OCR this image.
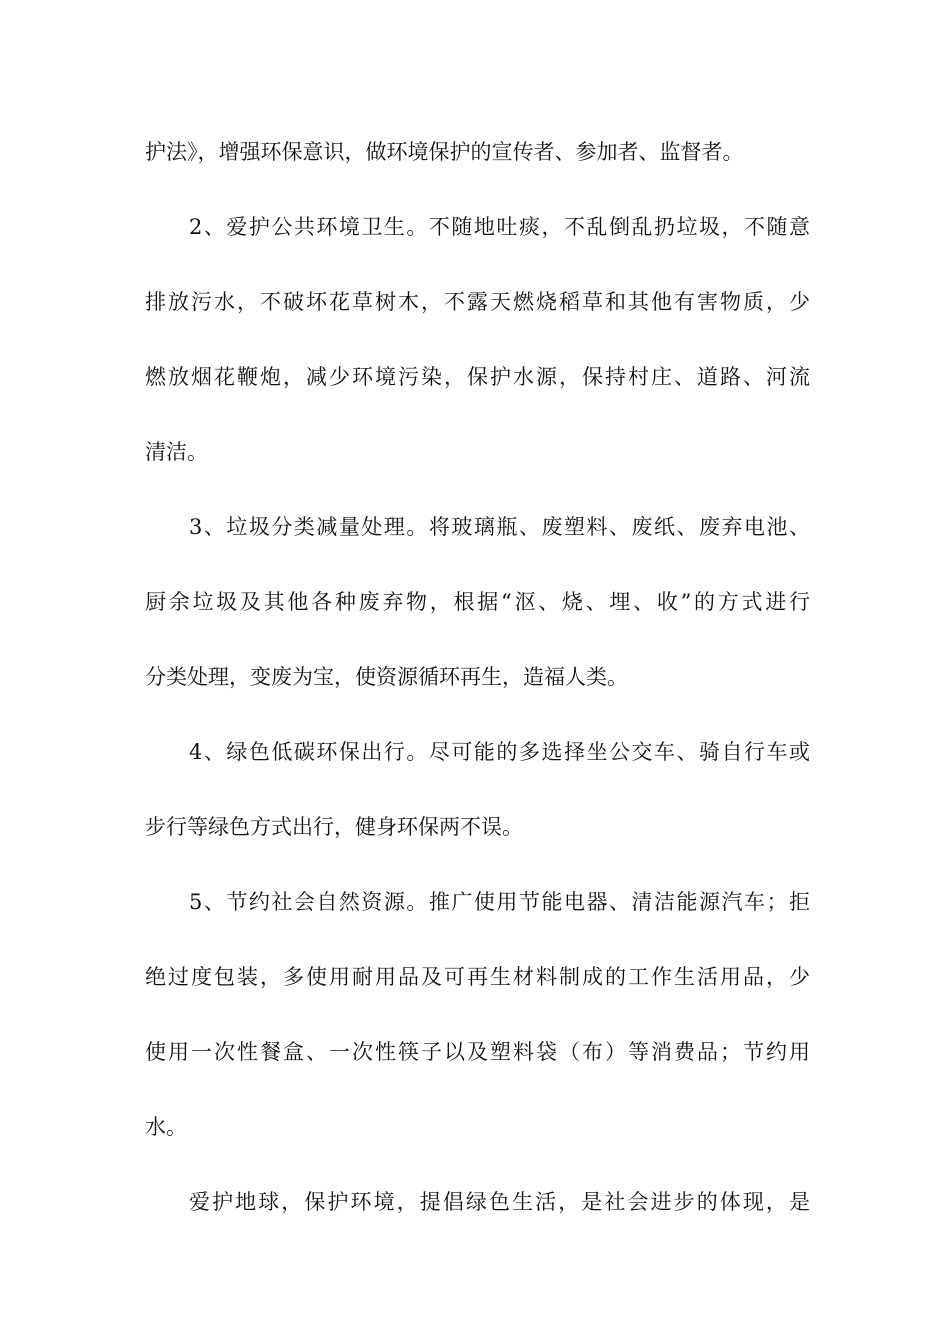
护法》，增强环保意识，做环境保护的宣传者、参加者、监督者。
2、爱护公共环境卫生。不随地吐痰，不乱倒乱扔垃圾，不随意
排放污水，不破坏花草树木，不露天燃烧稻草和其他有害物质，少
燃放烟花鞭炮，减少环境污染，保护水源，保持村庄、道路、河流
清洁。
3、垃圾分类减量处理。将玻璃瓶、废塑料、废纸、废弃电池、
厨余垃圾及其他各种废弃物，根据“沤、烧、埋、收”的方式进行
分类处理，变废为宝，使资源循环再生，造福人类。
4、绿色低碳环保出行。尽可能的多选择坐公交车、骑自行车或
步行等绿色方式出行，健身环保两不误。
5、节约社会自然资源。推广使用节能电器、清洁能源汽车；拒
绝过度包装，多使用耐用品及可再生材料制成的工作生活用品，少
使用一次性餐盒、一次性筷子以及塑料袋（布）等消费品；节约用
水。
爱护地球，保护环境，提倡绿色生活，是社会进步的体现，是
